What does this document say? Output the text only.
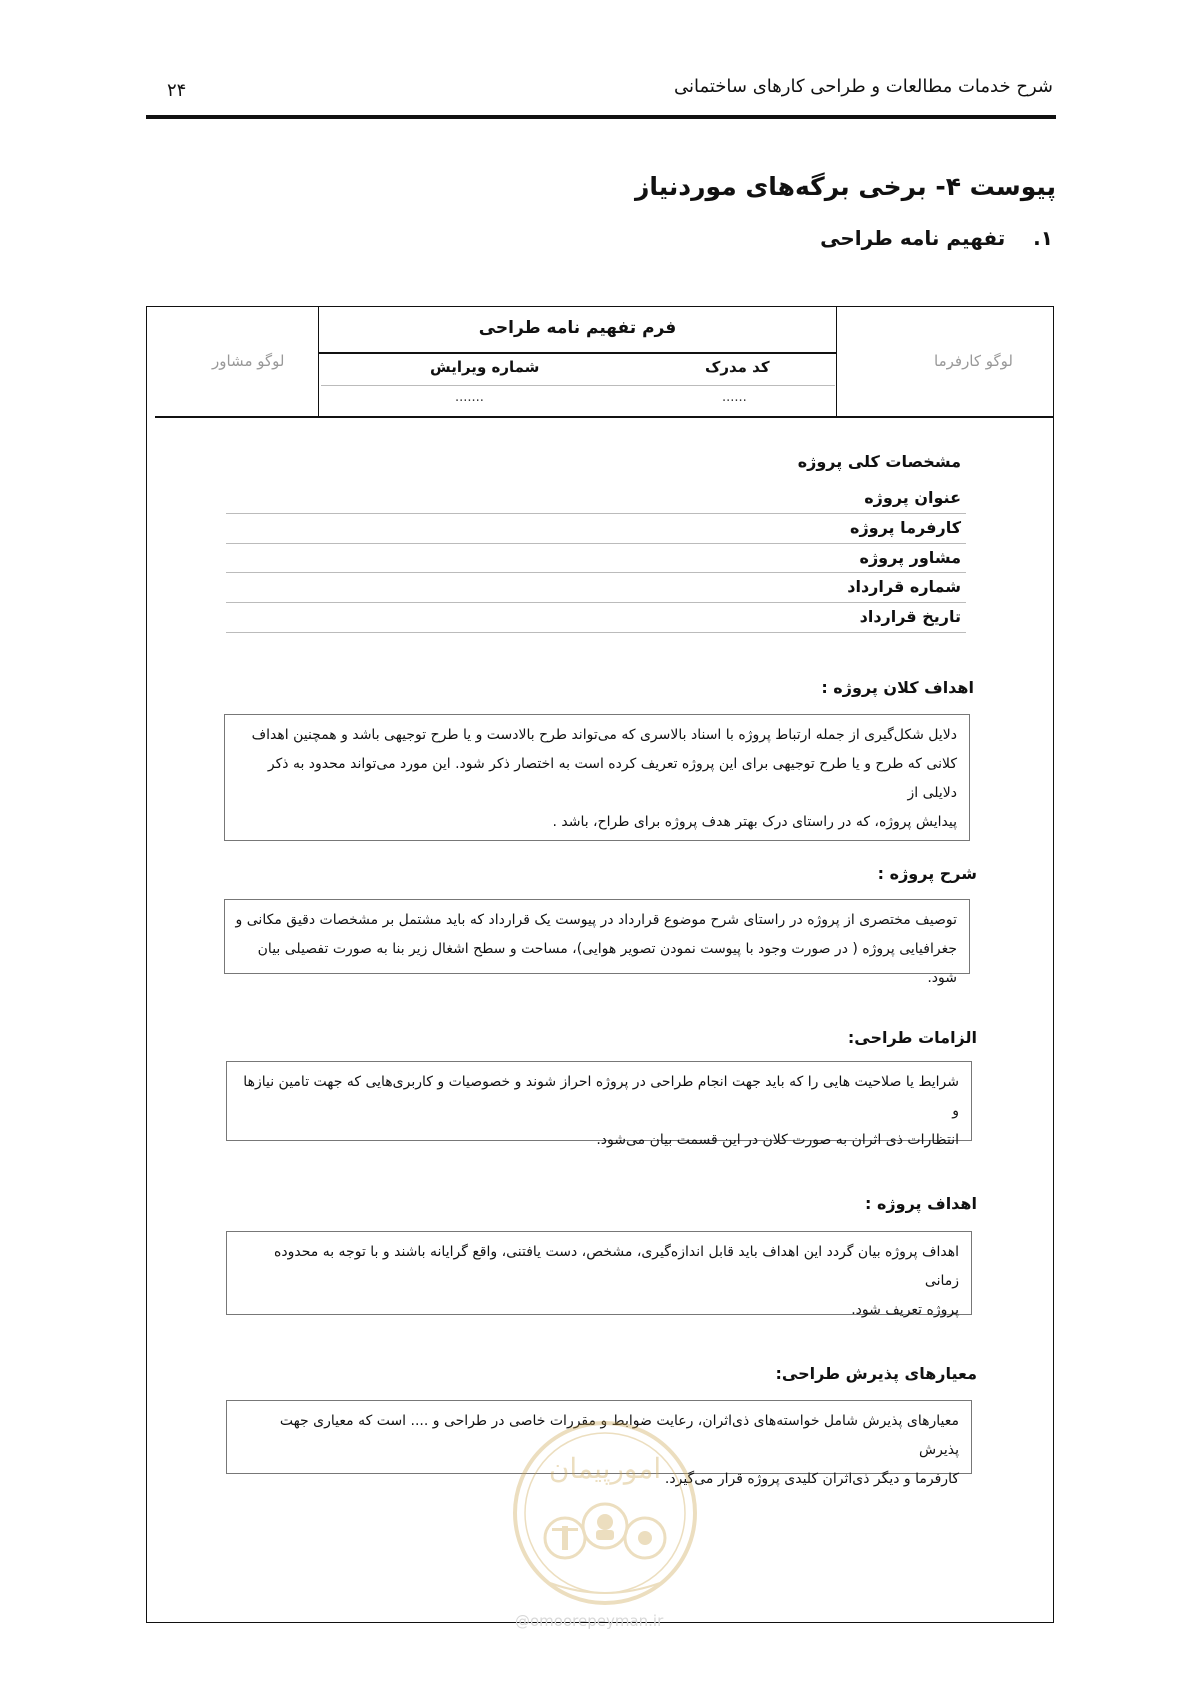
۲۴	شرح خدمات مطالعات و طراحی کارهای ساختمانی
پیوست ۴- برخی برگه‌های موردنیاز
۱.    تفهیم نامه طراحی
فرم تفهیم نامه طراحی
لوگو کارفرما
لوگو مشاور	کد مدرک
شماره ویرایش
......
.......
مشخصات کلی پروژه
عنوان پروژه
کارفرما پروژه
مشاور پروژه
شماره قرارداد
تاریخ قرارداد
اهداف کلان پروژه :

دلایل شکل‌گیری از جمله ارتباط پروژه با اسناد بالاسری که می‌تواند طرح بالادست و یا طرح توجیهی باشد و همچنین اهداف

کلانی که طرح و یا طرح توجیهی برای این پروژه تعریف کرده است به اختصار ذکر شود. این مورد می‌تواند محدود به ذکر دلایلی از

پیدایش پروژه، که در راستای درک بهتر هدف پروژه برای طراح، باشد .

شرح پروژه :

توصیف مختصری از پروژه در راستای شرح موضوع قرارداد در پیوست یک قرارداد که باید مشتمل بر مشخصات دقیق مکانی و

جغرافیایی پروژه ( در صورت وجود با پیوست نمودن تصویر هوایی)، مساحت و سطح اشغال زیر بنا به صورت تفصیلی بیان شود.

الزامات طراحی:

شرایط یا صلاحیت هایی را که باید جهت انجام طراحی در پروژه احراز شوند و خصوصیات و کاربری‌هایی که جهت تامین نیازها و

انتظارات ذی اثران به صورت کلان در این قسمت بیان می‌شود.

اهداف پروژه :

اهداف پروژه بیان گردد این اهداف باید قابل اندازه‌گیری، مشخص، دست یافتنی، واقع گرایانه باشند و با توجه به محدوده زمانی

پروژه تعریف شود.

معیارهای پذیرش طراحی:

معیارهای پذیرش شامل خواسته‌های ذی‌اثران، رعایت ضوابط و مقررات خاصی در طراحی و .... است که معیاری جهت پذیرش

کارفرما و دیگر ذی‌اثران کلیدی پروژه قرار می‌گیرد.

امورپیمان
@omoorepeyman.ir
